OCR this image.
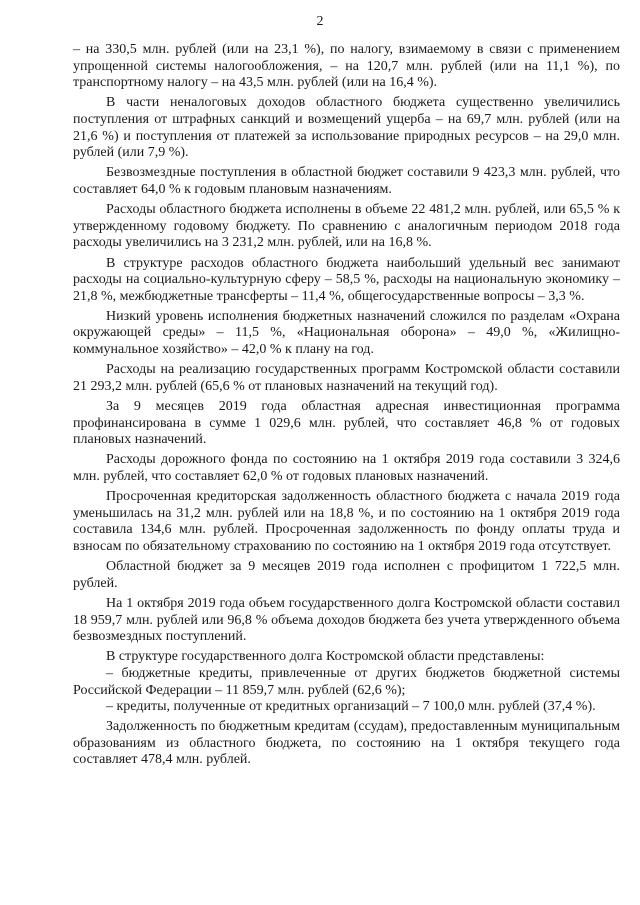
2

– на 330,5 млн. рублей (или на 23,1 %), по налогу, взимаемому в связи с применением упрощенной системы налогообложения, – на 120,7 млн. рублей (или на 11,1 %), по транспортному налогу – на 43,5 млн. рублей (или на 16,4 %).

В части неналоговых доходов областного бюджета существенно увеличились поступления от штрафных санкций и возмещений ущерба – на 69,7 млн. рублей (или на 21,6 %) и поступления от платежей за использование природных ресурсов – на 29,0 млн. рублей (или 7,9 %).

Безвозмездные поступления в областной бюджет составили 9 423,3 млн. рублей, что составляет 64,0 % к годовым плановым назначениям.

Расходы областного бюджета исполнены в объеме 22 481,2 млн. рублей, или 65,5 % к утвержденному годовому бюджету. По сравнению с аналогичным периодом 2018 года расходы увеличились на 3 231,2 млн. рублей, или на 16,8 %.

В структуре расходов областного бюджета наибольший удельный вес занимают расходы на социально-культурную сферу – 58,5 %, расходы на национальную экономику – 21,8 %, межбюджетные трансферты – 11,4 %, общегосударственные вопросы – 3,3 %.

Низкий уровень исполнения бюджетных назначений сложился по разделам «Охрана окружающей среды» – 11,5 %, «Национальная оборона» – 49,0 %, «Жилищно-коммунальное хозяйство» – 42,0 % к плану на год.

Расходы на реализацию государственных программ Костромской области составили 21 293,2 млн. рублей (65,6 % от плановых назначений на текущий год).

За 9 месяцев 2019 года областная адресная инвестиционная программа профинансирована в сумме 1 029,6 млн. рублей, что составляет 46,8 % от годовых плановых назначений.

Расходы дорожного фонда по состоянию на 1 октября 2019 года составили 3 324,6 млн. рублей, что составляет 62,0 % от годовых плановых назначений.

Просроченная кредиторская задолженность областного бюджета с начала 2019 года уменьшилась на 31,2 млн. рублей или на 18,8 %, и по состоянию на 1 октября 2019 года составила 134,6 млн. рублей. Просроченная задолженность по фонду оплаты труда и взносам по обязательному страхованию по состоянию на 1 октября 2019 года отсутствует.

Областной бюджет за 9 месяцев 2019 года исполнен с профицитом 1 722,5 млн. рублей.

На 1 октября 2019 года объем государственного долга Костромской области составил 18 959,7 млн. рублей или 96,8 % объема доходов бюджета без учета утвержденного объема безвозмездных поступлений.

В структуре государственного долга Костромской области представлены:

– бюджетные кредиты, привлеченные от других бюджетов бюджетной системы Российской Федерации – 11 859,7 млн. рублей (62,6 %);

– кредиты, полученные от кредитных организаций – 7 100,0 млн. рублей (37,4 %).

Задолженность по бюджетным кредитам (ссудам), предоставленным муниципальным образованиям из областного бюджета, по состоянию на 1 октября текущего года составляет 478,4 млн. рублей.
